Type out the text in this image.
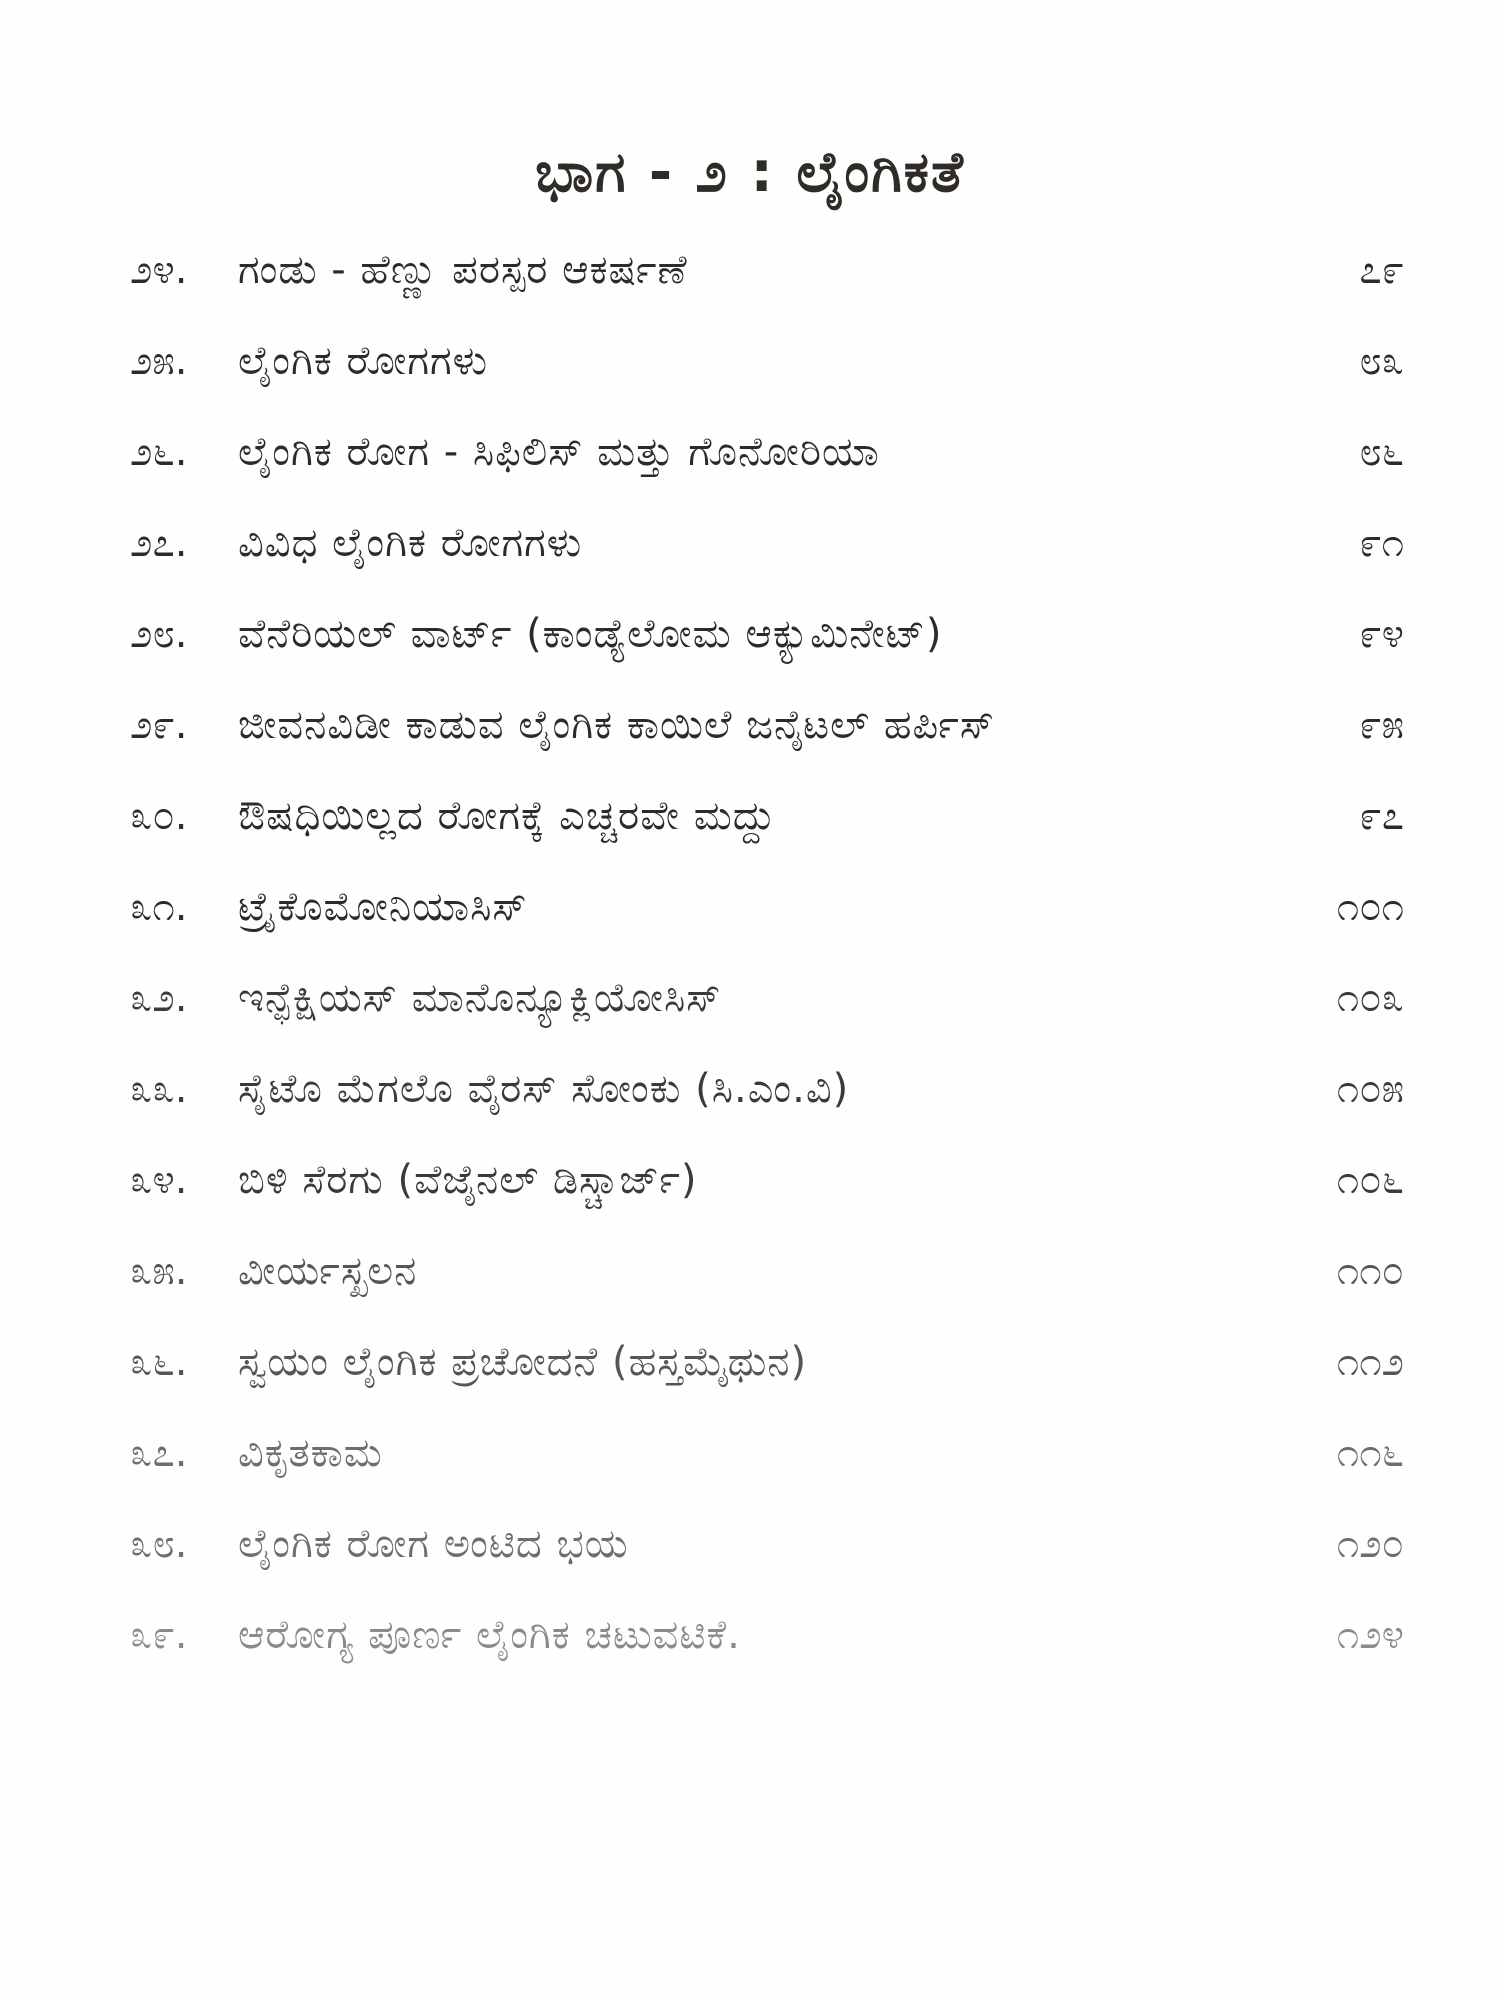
ಭಾಗ - ೨ : ಲೈಂಗಿಕತೆ
೨೪.	ಗಂಡು - ಹೆಣ್ಣು ಪರಸ್ಪರ ಆಕರ್ಷಣೆ	೭೯
೨೫.	ಲೈಂಗಿಕ ರೋಗಗಳು	೮೩
೨೬.	ಲೈಂಗಿಕ ರೋಗ - ಸಿಫಿಲಿಸ್ ಮತ್ತು ಗೊನೋರಿಯಾ	೮೬
೨೭.	ವಿವಿಧ ಲೈಂಗಿಕ ರೋಗಗಳು	೯೧
೨೮.	ವೆನೆರಿಯಲ್ ವಾರ್ಟ್ (ಕಾಂಡ್ಯೆಲೋಮ ಆಕ್ಯುಮಿನೇಟ್)	೯೪
೨೯.	ಜೀವನವಿಡೀ ಕಾಡುವ ಲೈಂಗಿಕ ಕಾಯಿಲೆ ಜನೈಟಲ್ ಹರ್ಪಿಸ್	೯೫
೩೦.	ಔಷಧಿಯಿಲ್ಲದ ರೋಗಕ್ಕೆ ಎಚ್ಚರವೇ ಮದ್ದು	೯೭
೩೧.	ಟ್ರೈಕೊಮೋನಿಯಾಸಿಸ್	೧೦೧
೩೨.	ಇನ್ಫೆಕ್ಷಿಯಸ್ ಮಾನೊನ್ಯೂಕ್ಲಿಯೋಸಿಸ್	೧೦೩
೩೩.	ಸೈಟೊ ಮೆಗಲೊ ವೈರಸ್ ಸೋಂಕು (ಸಿ.ಎಂ.ವಿ)	೧೦೫
೩೪.	ಬಿಳಿ ಸೆರಗು (ವೆಜೈನಲ್ ಡಿಸ್ಚಾರ್ಜ್)	೧೦೬
೩೫.	ವೀರ್ಯಸ್ಖಲನ	೧೧೦
೩೬.	ಸ್ವಯಂ ಲೈಂಗಿಕ ಪ್ರಚೋದನೆ (ಹಸ್ತಮೈಥುನ)	೧೧೨
೩೭.	ವಿಕೃತಕಾಮ	೧೧೬
೩೮.	ಲೈಂಗಿಕ ರೋಗ ಅಂಟಿದ ಭಯ	೧೨೦
೩೯.	ಆರೋಗ್ಯ ಪೂರ್ಣ ಲೈಂಗಿಕ ಚಟುವಟಿಕೆ.	೧೨೪
